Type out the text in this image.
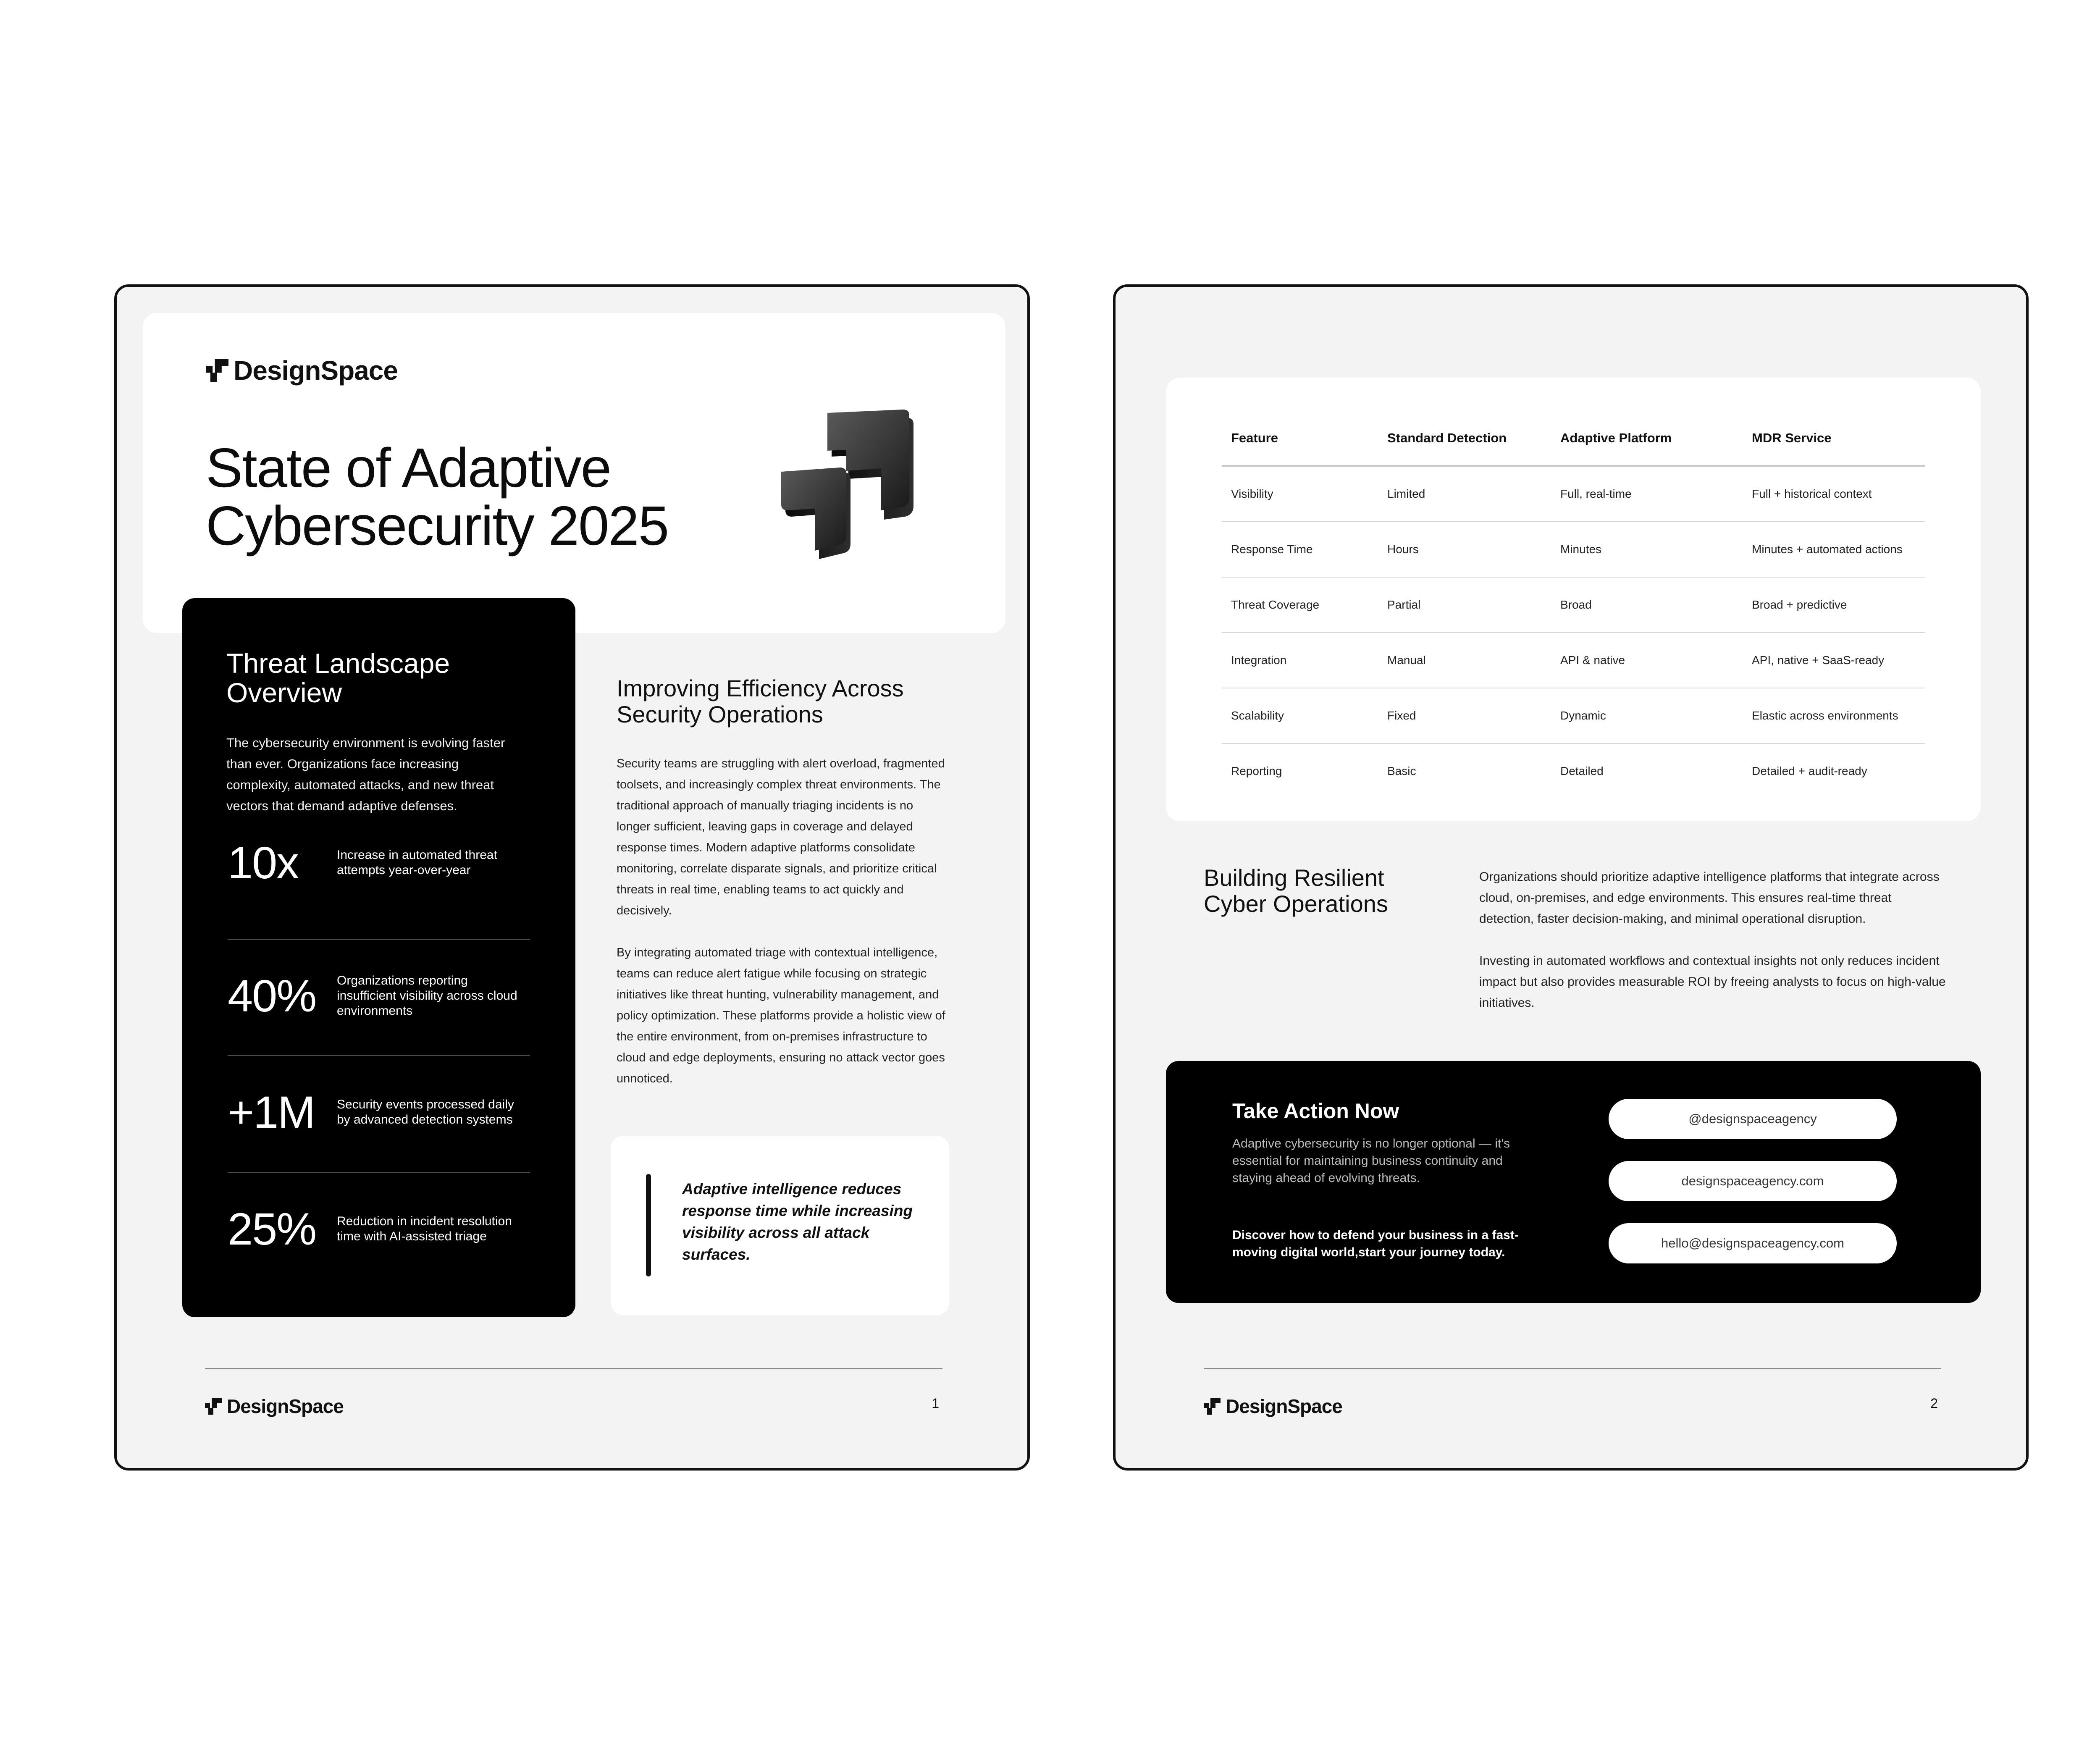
DesignSpace
State of Adaptive
Cybersecurity 2025
Threat Landscape
Overview

The cybersecurity environment is evolving faster than ever. Organizations face increasing complexity, automated attacks, and new threat vectors that demand adaptive defenses.

10x	Increase in automated threat attempts year-over-year
40% Organizations reporting insufficient visibility across cloud environments
+1M Security events processed daily by advanced detection systems
25% Reduction in incident resolution time with AI-assisted triage
Improving Efficiency Across
Security Operations

Security teams are struggling with alert overload, fragmented toolsets, and increasingly complex threat environments. The traditional approach of manually triaging incidents is no longer sufficient, leaving gaps in coverage and delayed response times. Modern adaptive platforms consolidate monitoring, correlate disparate signals, and prioritize critical threats in real time, enabling teams to act quickly and decisively.

By integrating automated triage with contextual intelligence, teams can reduce alert fatigue while focusing on strategic initiatives like threat hunting, vulnerability management, and policy optimization. These platforms provide a holistic view of the entire environment, from on-premises infrastructure to cloud and edge deployments, ensuring no attack vector goes unnoticed.

Adaptive intelligence reduces response time while increasing visibility across all attack surfaces.

DesignSpace	1
Feature	Standard Detection	Adaptive Platform	MDR Service
Visibility	Limited	Full, real-time	Full + historical context
Response Time	Hours	Minutes	Minutes + automated actions
Threat Coverage	Partial	Broad	Broad + predictive
Integration	Manual	API & native	API, native + SaaS-ready
Scalability	Fixed	Dynamic	Elastic across environments
Reporting	Basic	Detailed	Detailed + audit-ready
Building Resilient
Cyber Operations

Organizations should prioritize adaptive intelligence platforms that integrate across cloud, on-premises, and edge environments. This ensures real-time threat detection, faster decision-making, and minimal operational disruption.

Investing in automated workflows and contextual insights not only reduces incident impact but also provides measurable ROI by freeing analysts to focus on high-value initiatives.

Take Action Now

Adaptive cybersecurity is no longer optional — it's essential for maintaining business continuity and staying ahead of evolving threats.

Discover how to defend your business in a fast-moving digital world,start your journey today.

@designspaceagency
designspaceagency.com
hello@designspaceagency.com
DesignSpace	2
